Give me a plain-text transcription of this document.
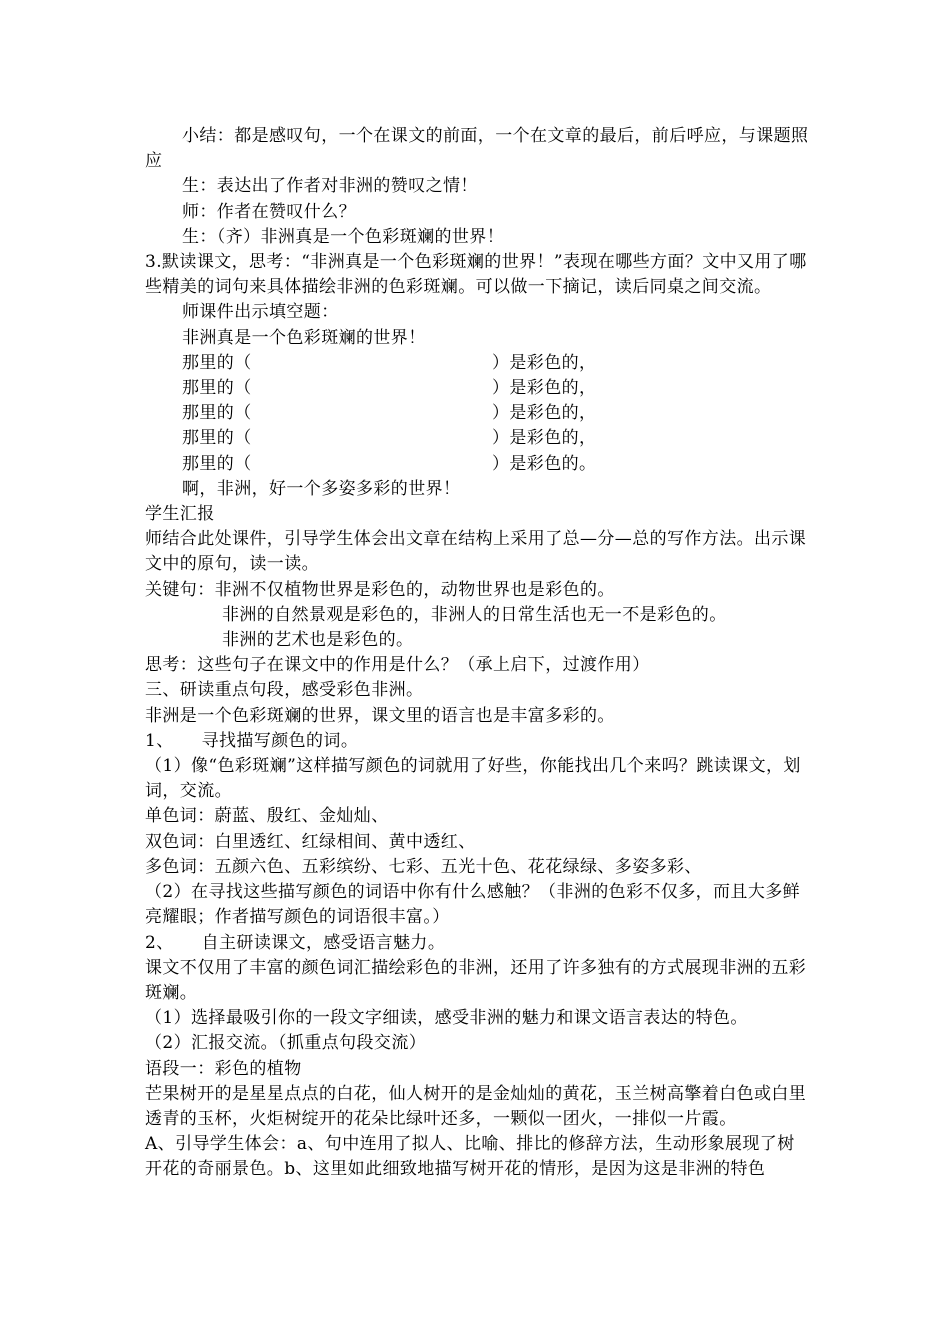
小结：都是感叹句，一个在课文的前面，一个在文章的最后，前后呼应，与课题照应

生：表达出了作者对非洲的赞叹之情！

师：作者在赞叹什么？

生：（齐）非洲真是一个色彩斑斓的世界！

3.默读课文，思考：“非洲真是一个色彩斑斓的世界！”表现在哪些方面？文中又用了哪些精美的词句来具体描绘非洲的色彩斑斓。可以做一下摘记，读后同桌之间交流。

师课件出示填空题：

非洲真是一个色彩斑斓的世界！

那里的（	）是彩色的，
那里的（	）是彩色的，
那里的（	）是彩色的，
那里的（	）是彩色的，
那里的（	）是彩色的。

啊，非洲，好一个多姿多彩的世界！

学生汇报

师结合此处课件，引导学生体会出文章在结构上采用了总—分—总的写作方法。出示课文中的原句，读一读。

关键句：非洲不仅植物世界是彩色的，动物世界也是彩色的。

非洲的自然景观是彩色的，非洲人的日常生活也无一不是彩色的。

非洲的艺术也是彩色的。

思考：这些句子在课文中的作用是什么？（承上启下，过渡作用）

三、研读重点句段，感受彩色非洲。

非洲是一个色彩斑斓的世界，课文里的语言也是丰富多彩的。

1、 寻找描写颜色的词。

（1）像“色彩斑斓”这样描写颜色的词就用了好些，你能找出几个来吗？跳读课文，划词，交流。

单色词：蔚蓝、殷红、金灿灿、

双色词：白里透红、红绿相间、黄中透红、

多色词：五颜六色、五彩缤纷、七彩、五光十色、花花绿绿、多姿多彩、

（2）在寻找这些描写颜色的词语中你有什么感触？（非洲的色彩不仅多，而且大多鲜亮耀眼；作者描写颜色的词语很丰富。）

2、 自主研读课文，感受语言魅力。

课文不仅用了丰富的颜色词汇描绘彩色的非洲，还用了许多独有的方式展现非洲的五彩斑斓。

（1）选择最吸引你的一段文字细读，感受非洲的魅力和课文语言表达的特色。

（2）汇报交流。（抓重点句段交流）

语段一：彩色的植物

芒果树开的是星星点点的白花，仙人树开的是金灿灿的黄花，玉兰树高擎着白色或白里透青的玉杯，火炬树绽开的花朵比绿叶还多，一颗似一团火，一排似一片霞。

A、引导学生体会：a、句中连用了拟人、比喻、排比的修辞方法，生动形象展现了树开花的奇丽景色。b、这里如此细致地描写树开花的情形，是因为这是非洲的特色
